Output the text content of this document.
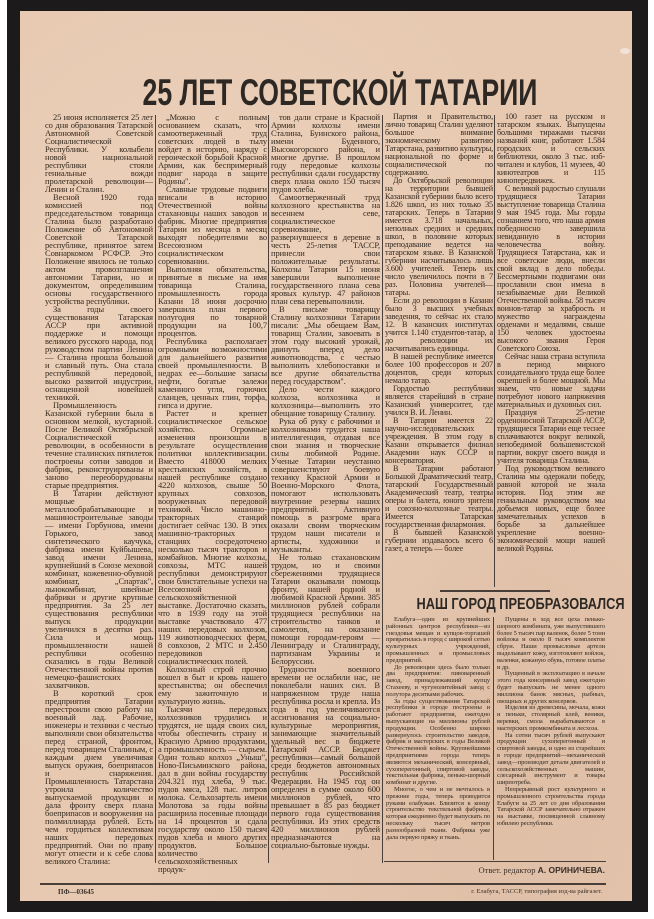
25 ЛЕТ СОВЕТСКОЙ ТАТАРИИ

25 июня исполняется 25 лет со дня образования Татарской Автономной Советской Социалистической Республики. У колыбели новой национальной республики стояли гениальные вожди пролетарской революции—Ленин и Сталин.

Весной 1920 года комиссией под председательством товарища Сталина было разработано Положение об Автономной Советской Татарской республике, принятое затем Совнаркомом РСФСР. Это Положение явилось не только актом провозглашения автономии Татарии, но и документом, определившим основы государственного устройства республики.

За годы своего существования Татарская АССР при активной поддержке и помощи великого русского народа, под руководством партии Ленина — Сталина прошла большой и славный путь. Она стала республикой передовой, высоко развитой индустрии, оснащенной новейшей техникой.

Промышленность Казанской губернии была в основном мелкой, кустарной. После Великой Октябрьской Социалистической революции, в особенности в течение сталинских пятилеток построены сотни заводов и фабрик, реконструированы и заново переоборудованы старые предприятия.

В Татарии действуют мощные металлообрабатывающие и машиностроительные заводы — имени Горбунова, имени Горького, завод синтетического каучука, фабрика имени Куйбышева, завод имени Ленина, крупнейший в Союзе меховой комбинат, кожевенно-обувной комбинат, „Спартак", льнокомбинат, швейные фабрики и другие крупные предприятия. За 25 лет существования республики выпуск продукции увеличился в десятки раз. Сила и мощь промышленности нашей республики особенно сказались в годы Великой Отечественной войны против немецко-фашистских захватчиков.

В короткий срок предприятия Татарии перестроили свою работу на военный лад. Рабочие, инженеры и техники с честью выполняли свои обязательства перед страной, фронтом, перед товарищем Сталиным, с каждым днем увеличивая выпуск оружия, боеприпасов и снаряжения. Промышленность Татарстана утроила количество выпускаемой продукции и дала фронту сверх плана боеприпасов и вооружения на полмиллиарда рублей. Есть чем гордиться коллективам наших передовых предприятий. Они по праву могут отнести и к себе слова великого Сталина:

„Можно с полным основанием сказать, что самоотверженный труд советских людей в тылу войдет в историю, наряду с героической борьбой Красной Армии, как беспримерный подвиг народа в защите Родины".

Славные трудовые подвиги вписали в историю Отечественной войны стахановцы наших заводов и фабрик. Многие предприятия Татарии из месяца в месяц выходят победителями во Всесоюзном социалистическом соревновании.

Выполняя обязательства, принятые в письме на имя товарища Сталина, промышленность города Казани 18 июня досрочно завершила план первого полугодия по товарной продукции на 100,7 процентов.

Республика располагает огромными возможностями для дальнейшего развития своей промышленности. В недрах ее—большие запасы нефти, богатые залежи каменного угля, горючих сланцев, ценных глин, торфа, гипса и другие.

Растет и крепнет социалистическое сельское хозяйство. Огромные изменения произошли в результате осуществления политики коллективизации. Вместо 418000 мелких крестьянских хозяйств, в нашей республике создано 4220 колхозов, свыше 50 крупных совхозов, вооруженных передовой техникой. Число машинно-тракторных станций достигает сейчас 130. В этих машинно-тракторных станциях сосредоточено несколько тысяч тракторов и комбайнов. Многие колхозы, совхозы, МТС нашей республики демонстрируют свои блистательные успехи на Всесоюзной сельскохозяйственной выставке. Достаточно сказать, что в 1939 году на этой выставке участвовало 477 наших передовых колхозов, 119 животноводческих ферм, 8 совхозов, 2 МТС и 2.450 передовиков социалистических полей.

Колхозный строй прочно вошел в быт и кровь нашего крестьянства; он обеспечил ему зажиточную и культурную жизнь.

Тысячи передовых колхозников трудились и трудятся, не щадя своих сил, чтобы обеспечить страну и Красную Армию продуктами, а промышленность — сырьем. Один только колхоз „Уныш", Ново-Письминского района, дал в дни войны государству 204.321 пуд хлеба, 9 тыс. пудов мяса, 128 тыс. литров молока. Сельхозартель имени Молотова за годы войны расширила посевные площади на 14 процентов и сдала государству около 150 тысяч пудов хлеба и много других продуктов. Большое количество сельскохозяйственных продук-

тов дали стране и Красной Армии колхозы имени Сталина, Буинского района, имени Буденного, Высокогорского района, и многие другие. В прошлом году передовые колхозы республики сдали государству сверх плана около 150 тысяч пудов хлеба.

Самоотверженный труд колхозного крестьянства на весеннем севе, социалистическое соревнование, развернувшееся в деревне в честь 25-летия ТАССР, принесли свои положительные результаты. Колхозы Татарии 15 июня завершили выполнение государственного плана сева яровых культур. 47 районов план сева перевыполнили.

В письме товарищу Сталину колхозники Татарии писали: „Мы обещаем Вам, товарищ Сталин, завоевать в этом году высокий урожай, двинуть вперед дело животноводства, с честью выполнить хлебопоставки и все другие обязательства перед государством".

Дело чести каждого колхоза, колхозника и колхозницы—выполнить это обещание товарищу Сталину.

Рука об руку с рабочими и колхозниками трудится наша интеллигенция, отдавая все свои знания и творческие силы любимой Родине. Ученые Татарии неустанно совершенствуют боевую технику Красной Армии и Военно-Морского Флота, помогают использовать внутренние резервы наших предприятий. Активную помощь в разгроме врага оказали своим творческим трудом наши писатели и артисты, художники и музыканты.

Не только стахановским трудом, но и своими сбережениями трудящиеся Татарии оказывали помощь фронту, нашей родной и любимой Красной Армии. 385 миллионов рублей собрали трудящиеся республики на строительство танков и самолетов, на оказание помощи городам-героям — Ленинграду и Сталинграду, партизанам Украины и Белоруссии.

Трудности военного времени не ослабили нас, не поколебали наших сил. В напряженном труде наша республика росла и крепла. Из года в год увеличиваются ассигнования на социально-культурные мероприятия, занимающие значительный удельный вес в бюджете Татарской АССР. Бюджет республики—самый большой среди бюджетов автономных республик Российской Федерации. На 1945 год он определен в сумме около 600 миллионов рублей, что превышает в 85 раз бюджет первого года существования республики. Из этих средств 420 миллионов рублей предназначаются на социально-бытовые нужды.

Партия и Правительство, лично товарищ Сталин уделяют большое внимание экономическому развитию Татарстана, развитию культуры, национальной по форме и социалистической по содержанию.

До Октябрьской революции на территории бывшей Казанской губернии было всего 1.826 школ, из них только 35 татарских. Теперь в Татарии имеется 3.718 начальных, неполных средних и средних школ, в половине которых преподавание ведется на татарском языке. В Казанской губернии насчитывалось лишь 3.600 учителей. Теперь их число увеличилось почти в 7 раз. Половина учителей—татары.

Если до революции в Казани было 3 высших учебных заведения, то сейчас их стало 12. В казанских институтах учится 1.140 студентов-татар, а до революции их насчитывались единицы.

В нашей республике имеется более 100 профессоров и 207 доцентов, среди которых немало татар.

Гордостью республики является старейший в стране Казанский университет, где учился В. И. Ленин.

В Татарии имеется 22 научно-исследовательских учреждения. В этом году в Казани открывается филиал Академии наук СССР и консерватория.

В Татарии работают Большой Драматический театр, татарский Государственный Академический театр, театры оперы и балета, юного зрителя и союзно-колхозные театры. Имеется Татарская государственная филармония.

В бывшей Казанской губернии издавалось всего 6 газет, а теперь — более

100 газет на русском и татарском языках. Выпущены большими тиражами тысячи названий книг, работают 1.584 городских и сельских библиотеки, около 3 тыс. изб-читален и клубов, 11 музеев, 40 кинотеатров и 115 кинопередвижек.

С великой радостью слушали трудящиеся Татарии выступление товарища Сталина 9 мая 1945 года. Мы горды сознанием того, что наша армия победоносно завершила невиданную в истории человечества войну. Трудящиеся Татарстана, как и все советские люди, внесли свой вклад в дело победы. Бессмертными подвигами они прославили свои имена в незабываемые дни Великой Отечественной войны. 58 тысяч воинов-татар за храбрость и мужество награждены орденами и медалями, свыше 150 человек удостоены высокого звания Героя Советского Союза.

Сейчас наша страна вступила в период мирного созидательного труда еще более окрепшей и более мощной. Мы знаем, что новые задачи потребуют нового напряжения материальных и духовных сил.

Празднуя 25-летие орденоносной Татарской АССР, трудящиеся Татарии еще теснее сплачиваются вокруг великой, непобедимой большевистской партии, вокруг своего вождя и учителя товарища Сталина.

Под руководством великого Сталина мы одержали победу, равной которой не знала история. Под этим же гениальным руководством мы добьемся новых, еще более замечательных успехов в борьбе за дальнейшее укрепление военно-экономической мощи нашей великой Родины.

НАШ ГОРОД ПРЕОБРАЗОВАЛСЯ

Елабуга—один из крупнейших районных центров республики—из гнездовья мещан и купцов-торгашей превратилась в город с широкой сетью культурных учреждений, промышленных и промысловых предприятий.

До революции здесь было только два предприятия: пивоваренный завод, принадлежавший купцу Стахееву, и чугунолитейный завод с полутора десятками рабочих.

За годы существования Татарской республики в городе построены и работают предприятия, ежегодно выпускающие на миллионы рублей продукции. Особенно широко развернулось строительство заводов, фабрик и мастерских в годы Великой Отечественной войны. Крупнейшими предприятиями города теперь являются механический, консервный, сухоперегонный, спиртовой заводы, текстильная фабрика, пенько-шорный комбинат и другие.

Многое, о чем и не мечталось в прежние годы, теперь проводится руками елабужан. Близится к концу строительство текстильной фабрики, которая ежедневно будет выпускать по нескольку тысяч метров разнообразной ткани. Фабрика уже дала первую пряжу и ткань.

Пущены в ход все цеха пенько-шорного комбината, уже выпустившего более 5 тысяч пар валенок, более 5 тонн войлока и около 8 тысяч комплектов сбруи. Наши промысловые артели выделывают кожу, изготовляют войлок, валенки, кожаную обувь, готовое платье и др.

Пущенный в эксплоатацию в начале этого года консервный завод ежегодно будет выпускать не менее одного миллиона банок мясных, рыбных, овощных и других консервов.

Изделия из древесины, мочала, кожи и пеньки, столярный клей, веники, веревки, смола вырабатываются в мастерских промкомбината и лесхоза.

На сотни тысяч рублей выпускают продукции сухоперегонный и спиртовой заводы, и одно из старейших в городе предприятий—механический завод—производит детали двигателей и сельскохозяйственных машин, слесарный инструмент и товары ширпотреба.

Непрерывный рост культурного и промышленного строительства города Елабуги за 25 лет со дня образования Татарской АССР замечательно отражен на выставке, посвященной славному юбилею республики.

Ответ. редактор А. ОРИНИЧЕВА.
ПФ—03645	г. Елабуга, ТАССР, типография изд-ва райгазет.
